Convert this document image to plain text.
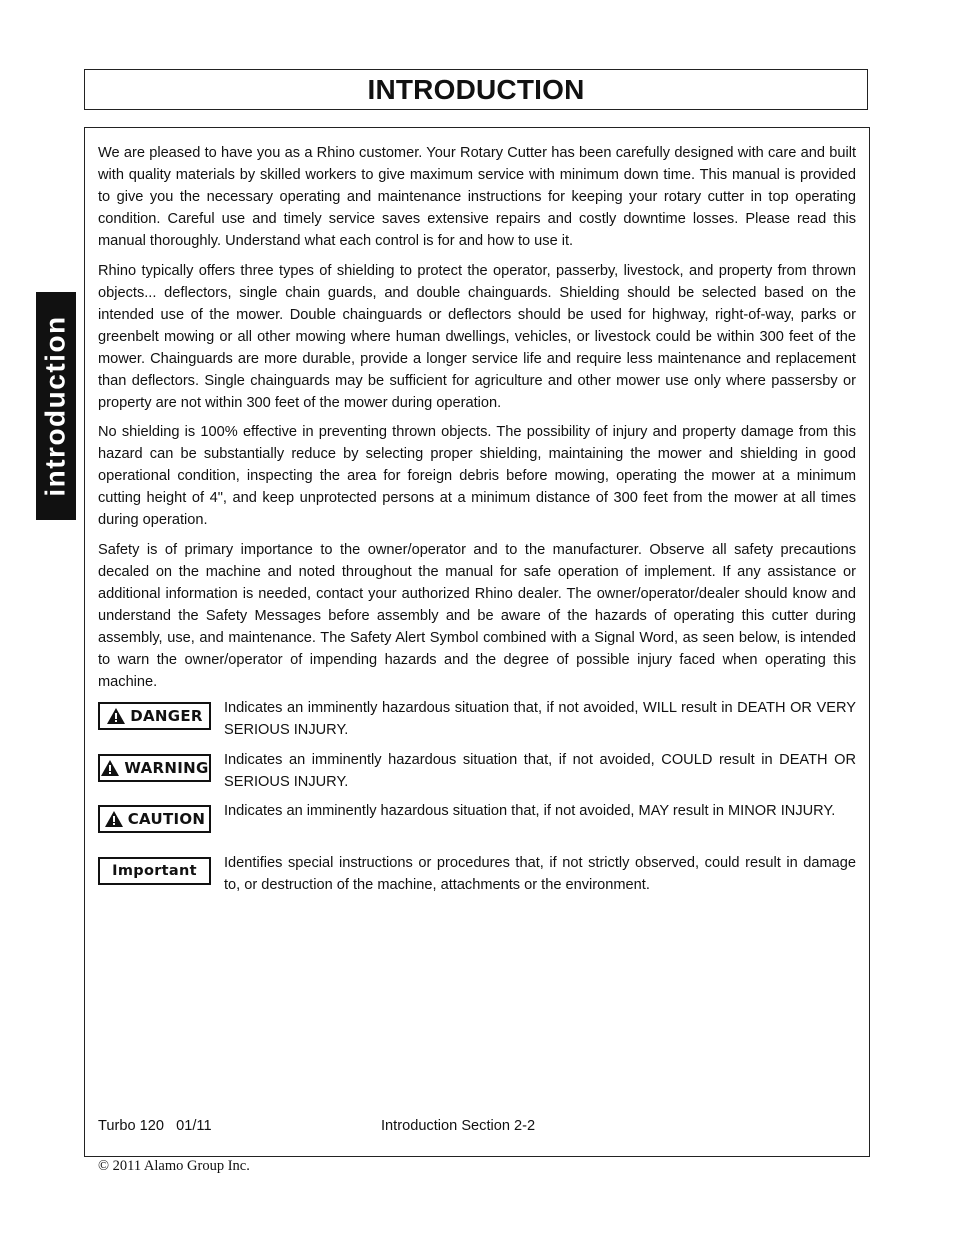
INTRODUCTION
introduction

We are pleased to have you as a Rhino customer. Your Rotary Cutter has been carefully designed with care and built with quality materials by skilled workers to give maximum service with minimum down time. This manual is provided to give you the necessary operating and maintenance instructions for keeping your rotary cutter in top operating condition. Careful use and timely service saves extensive repairs and costly downtime losses. Please read this manual thoroughly. Understand what each control is for and how to use it.

Rhino typically offers three types of shielding to protect the operator, passerby, livestock, and property from thrown objects... deflectors, single chain guards, and double chainguards. Shielding should be selected based on the intended use of the mower. Double chainguards or deflectors should be used for highway, right-of-way, parks or greenbelt mowing or all other mowing where human dwellings, vehicles, or livestock could be within 300 feet of the mower. Chainguards are more durable, provide a longer service life and require less maintenance and replacement than deflectors. Single chainguards may be sufficient for agriculture and other mower use only where passersby or property are not within 300 feet of the mower during operation.

No shielding is 100% effective in preventing thrown objects. The possibility of injury and property damage from this hazard can be substantially reduce by selecting proper shielding, maintaining the mower and shielding in good operational condition, inspecting the area for foreign debris before mowing, operating the mower at a minimum cutting height of 4", and keep unprotected persons at a minimum distance of 300 feet from the mower at all times during operation.

Safety is of primary importance to the owner/operator and to the manufacturer. Observe all safety precautions decaled on the machine and noted throughout the manual for safe operation of implement. If any assistance or additional information is needed, contact your authorized Rhino dealer. The owner/operator/dealer should know and understand the Safety Messages before assembly and be aware of the hazards of operating this cutter during assembly, use, and maintenance. The Safety Alert Symbol combined with a Signal Word, as seen below, is intended to warn the owner/operator of impending hazards and the degree of possible injury faced when operating this machine.

DANGER Indicates an imminently hazardous situation that, if not avoided, WILL result in DEATH OR VERY SERIOUS INJURY.
WARNING Indicates an imminently hazardous situation that, if not avoided, COULD result in DEATH OR SERIOUS INJURY.
CAUTION Indicates an imminently hazardous situation that, if not avoided, MAY result in MINOR INJURY.
Important Identifies special instructions or procedures that, if not strictly observed, could result in damage to, or destruction of the machine, attachments or the environment.
Turbo 120   01/11	Introduction Section 2-2
© 2011 Alamo Group Inc.
